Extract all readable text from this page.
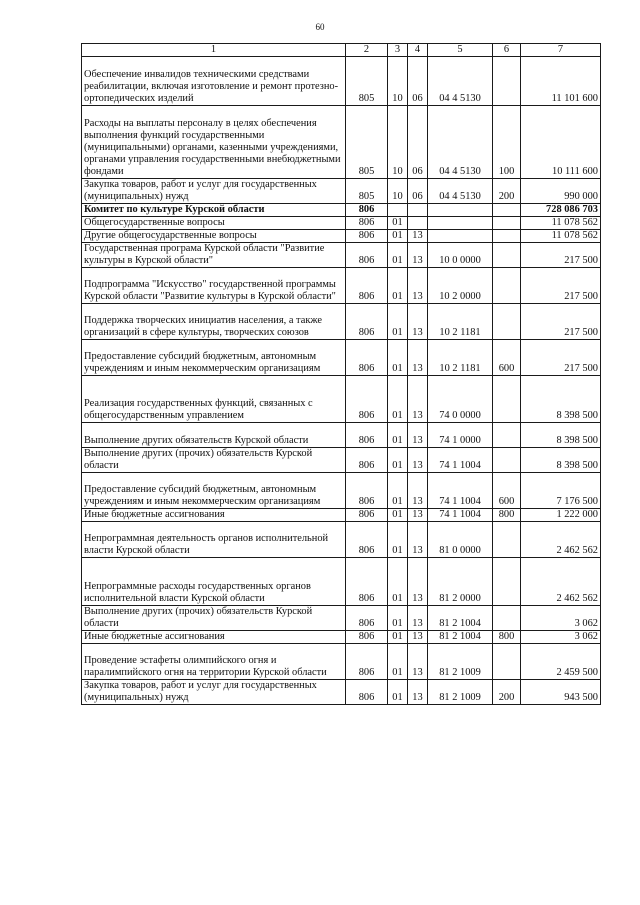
60
1	2	3	4	5	6	7
Обеспечение инвалидов техническими средствами реабилитации, включая изготовление и ремонт протезно-ортопедических изделий	805	10	06	04 4 5130		11 101 600
Расходы на выплаты персоналу в целях обеспечения выполнения функций государственными (муниципальными) органами, казенными учреждениями, органами управления государственными внебюджетными фондами	805	10	06	04 4 5130	100	10 111 600
Закупка товаров, работ и услуг для государственных (муниципальных) нужд	805	10	06	04 4 5130	200	990 000
Комитет по культуре Курской области	806					728 086 703
Общегосударственные вопросы	806	01				11 078 562
Другие общегосударственные вопросы	806	01	13			11 078 562
Государственная програма Курской области "Развитие культуры в Курской области"	806	01	13	10 0 0000		217 500
Подпрограмма "Искусство" государственной программы Курской области "Развитие культуры в Курской области"	806	01	13	10 2 0000		217 500
Поддержка творческих инициатив населения, а также организаций в сфере культуры, творческих союзов	806	01	13	10 2 1181		217 500
Предоставление субсидий бюджетным, автономным учреждениям и иным некоммерческим организациям	806	01	13	10 2 1181	600	217 500
Реализация государственных функций, связанных с общегосударственным управлением	806	01	13	74 0 0000		8 398 500
Выполнение других обязательств Курской области	806	01	13	74 1 0000		8 398 500
Выполнение других (прочих) обязательств Курской области	806	01	13	74 1 1004		8 398 500
Предоставление субсидий бюджетным, автономным учреждениям и иным некоммерческим организациям	806	01	13	74 1 1004	600	7 176 500
Иные бюджетные ассигнования	806	01	13	74 1 1004	800	1 222 000
Непрограммная деятельность органов исполнительной власти Курской области	806	01	13	81 0 0000		2 462 562
Непрограммные расходы государственных органов исполнительной власти Курской области	806	01	13	81 2 0000		2 462 562
Выполнение других (прочих) обязательств Курской области	806	01	13	81 2 1004		3 062
Иные бюджетные ассигнования	806	01	13	81 2 1004	800	3 062
Проведение эстафеты олимпийского огня и паралимпийского огня на территории Курской области	806	01	13	81 2 1009		2 459 500
Закупка товаров, работ и услуг для государственных (муниципальных) нужд	806	01	13	81 2 1009	200	943 500
